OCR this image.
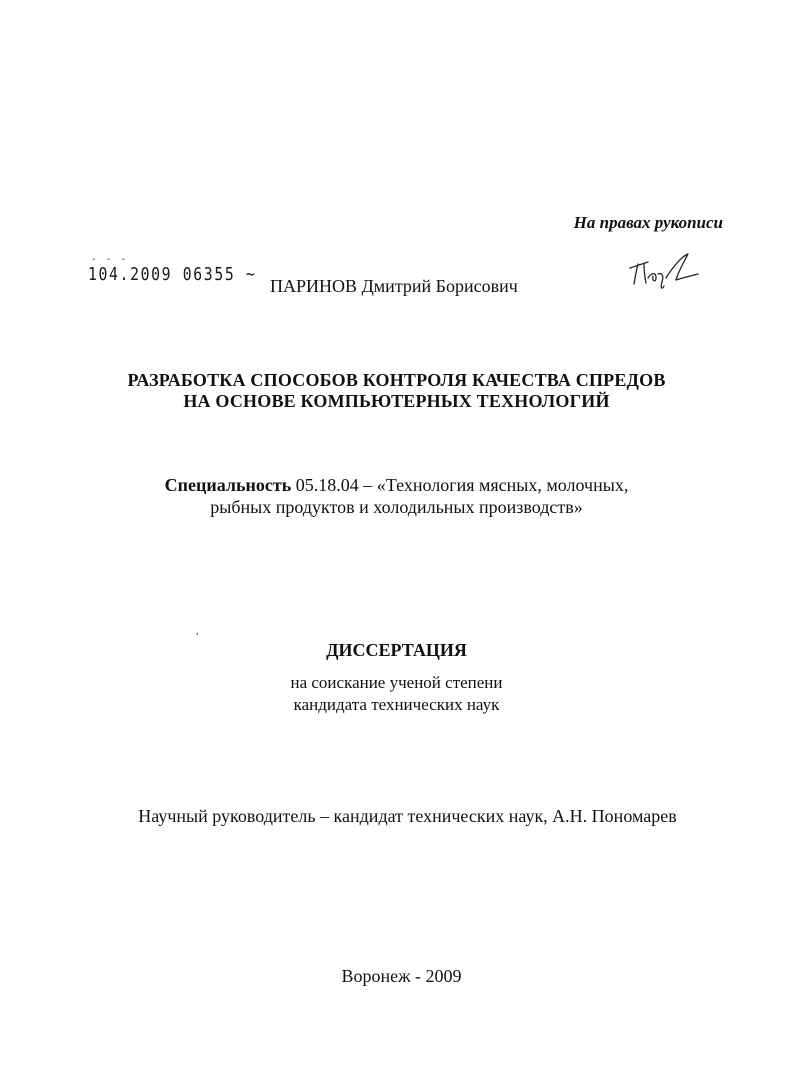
На правах рукописи
- - -
104.2009 06355 ~
ПАРИНОВ Дмитрий Борисович
РАЗРАБОТКА СПОСОБОВ КОНТРОЛЯ КАЧЕСТВА СПРЕДОВ
НА ОСНОВЕ КОМПЬЮТЕРНЫХ ТЕХНОЛОГИЙ
Специальность 05.18.04 – «Технология мясных, молочных,
рыбных продуктов и холодильных производств»
,
ДИССЕРТАЦИЯ
на соискание ученой степени
кандидата технических наук
Научный руководитель – кандидат технических наук, А.Н. Пономарев
Воронеж - 2009
